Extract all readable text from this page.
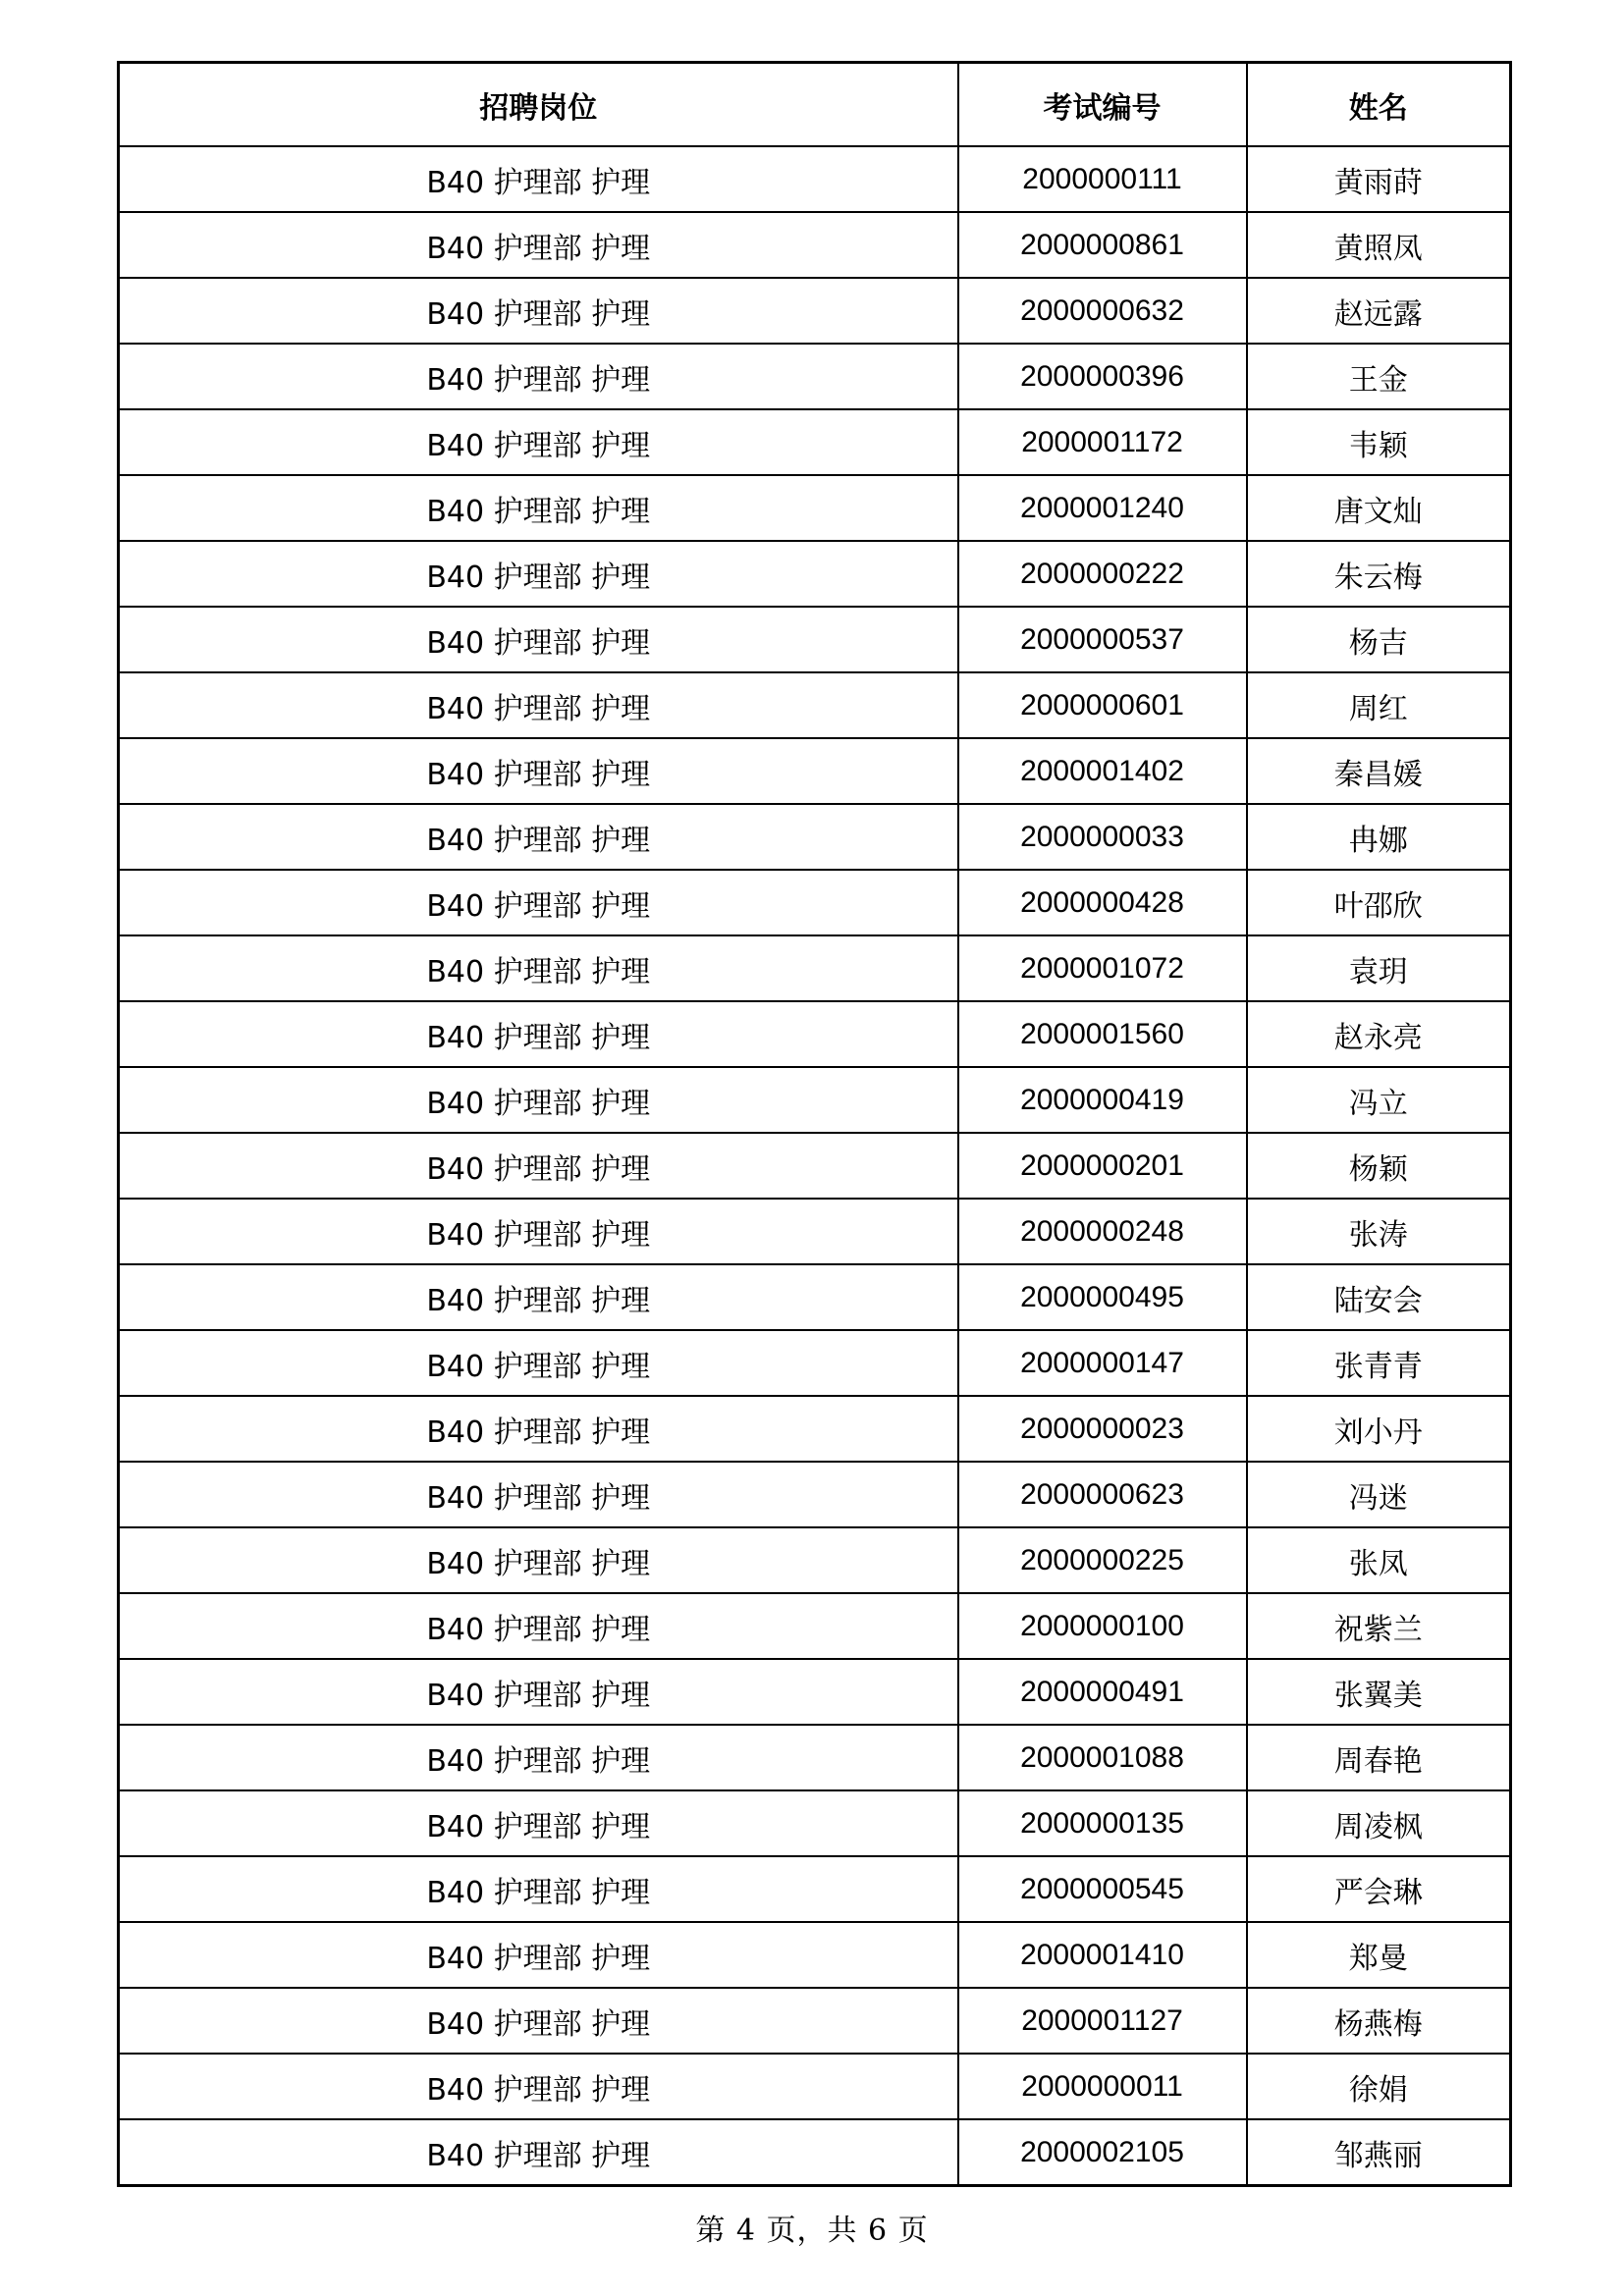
招聘岗位	考试编号	姓名
B40 护理部 护理	2000000111	黄雨莳
B40 护理部 护理	2000000861	黄照凤
B40 护理部 护理	2000000632	赵远露
B40 护理部 护理	2000000396	王金
B40 护理部 护理	2000001172	韦颖
B40 护理部 护理	2000001240	唐文灿
B40 护理部 护理	2000000222	朱云梅
B40 护理部 护理	2000000537	杨吉
B40 护理部 护理	2000000601	周红
B40 护理部 护理	2000001402	秦昌媛
B40 护理部 护理	2000000033	冉娜
B40 护理部 护理	2000000428	叶邵欣
B40 护理部 护理	2000001072	袁玥
B40 护理部 护理	2000001560	赵永亮
B40 护理部 护理	2000000419	冯立
B40 护理部 护理	2000000201	杨颖
B40 护理部 护理	2000000248	张涛
B40 护理部 护理	2000000495	陆安会
B40 护理部 护理	2000000147	张青青
B40 护理部 护理	2000000023	刘小丹
B40 护理部 护理	2000000623	冯迷
B40 护理部 护理	2000000225	张凤
B40 护理部 护理	2000000100	祝紫兰
B40 护理部 护理	2000000491	张翼美
B40 护理部 护理	2000001088	周春艳
B40 护理部 护理	2000000135	周凌枫
B40 护理部 护理	2000000545	严会琳
B40 护理部 护理	2000001410	郑曼
B40 护理部 护理	2000001127	杨燕梅
B40 护理部 护理	2000000011	徐娟
B40 护理部 护理	2000002105	邹燕丽
第 4 页，共 6 页
